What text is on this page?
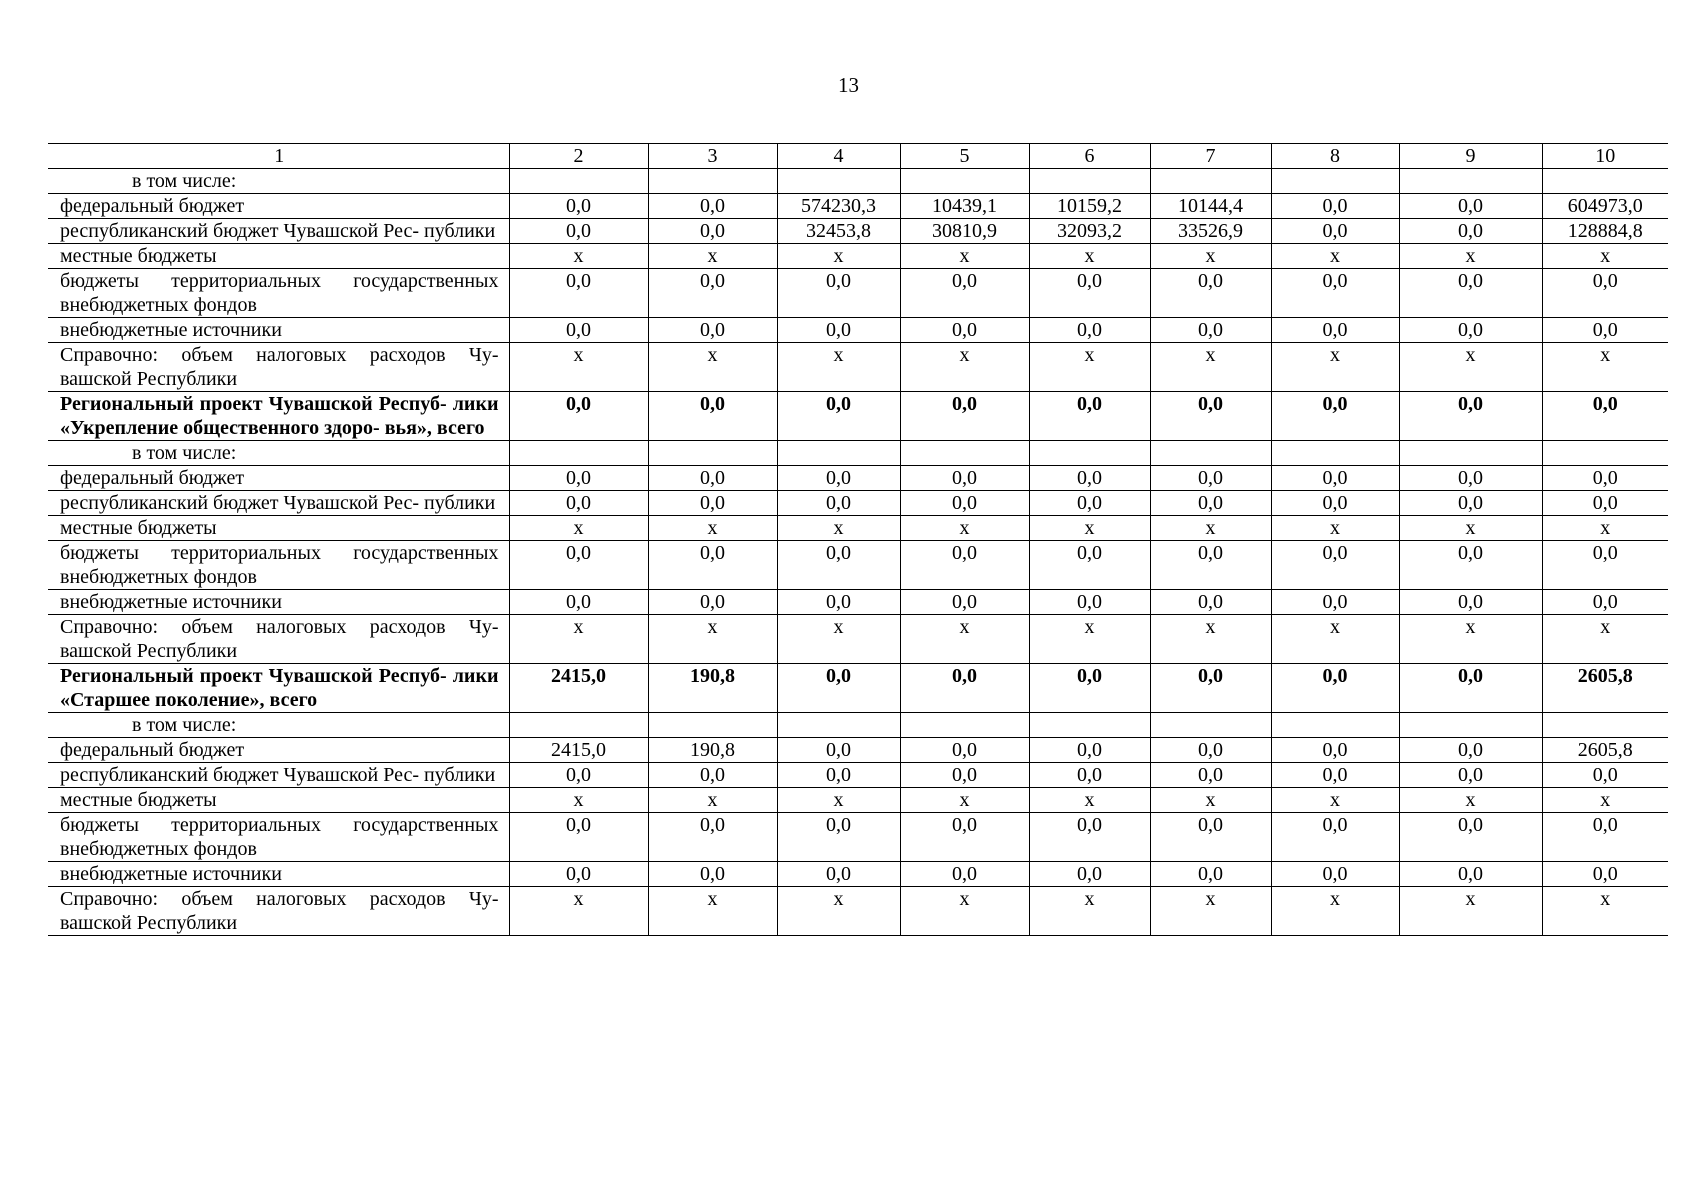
13
1	2	3	4	5	6	7	8	9	10
в том числе:									
федеральный бюджет	0,0	0,0	574230,3	10439,1	10159,2	10144,4	0,0	0,0	604973,0
республиканский бюджет Чувашской Рес- публики	0,0	0,0	32453,8	30810,9	32093,2	33526,9	0,0	0,0	128884,8
местные бюджеты	x	x	x	x	x	x	x	x	x
бюджеты территориальных государственных внебюджетных фондов	0,0	0,0	0,0	0,0	0,0	0,0	0,0	0,0	0,0
внебюджетные источники	0,0	0,0	0,0	0,0	0,0	0,0	0,0	0,0	0,0
Справочно: объем налоговых расходов Чу- вашской Республики	x	x	x	x	x	x	x	x	x
Региональный проект Чувашской Респуб- лики «Укрепление общественного здоро- вья», всего	0,0	0,0	0,0	0,0	0,0	0,0	0,0	0,0	0,0
в том числе:									
федеральный бюджет	0,0	0,0	0,0	0,0	0,0	0,0	0,0	0,0	0,0
республиканский бюджет Чувашской Рес- публики	0,0	0,0	0,0	0,0	0,0	0,0	0,0	0,0	0,0
местные бюджеты	x	x	x	x	x	x	x	x	x
бюджеты территориальных государственных внебюджетных фондов	0,0	0,0	0,0	0,0	0,0	0,0	0,0	0,0	0,0
внебюджетные источники	0,0	0,0	0,0	0,0	0,0	0,0	0,0	0,0	0,0
Справочно: объем налоговых расходов Чу- вашской Республики	x	x	x	x	x	x	x	x	x
Региональный проект Чувашской Респуб- лики «Старшее поколение», всего	2415,0	190,8	0,0	0,0	0,0	0,0	0,0	0,0	2605,8
в том числе:									
федеральный бюджет	2415,0	190,8	0,0	0,0	0,0	0,0	0,0	0,0	2605,8
республиканский бюджет Чувашской Рес- публики	0,0	0,0	0,0	0,0	0,0	0,0	0,0	0,0	0,0
местные бюджеты	x	x	x	x	x	x	x	x	x
бюджеты территориальных государственных внебюджетных фондов	0,0	0,0	0,0	0,0	0,0	0,0	0,0	0,0	0,0
внебюджетные источники	0,0	0,0	0,0	0,0	0,0	0,0	0,0	0,0	0,0
Справочно: объем налоговых расходов Чу- вашской Республики	x	x	x	x	x	x	x	x	x
